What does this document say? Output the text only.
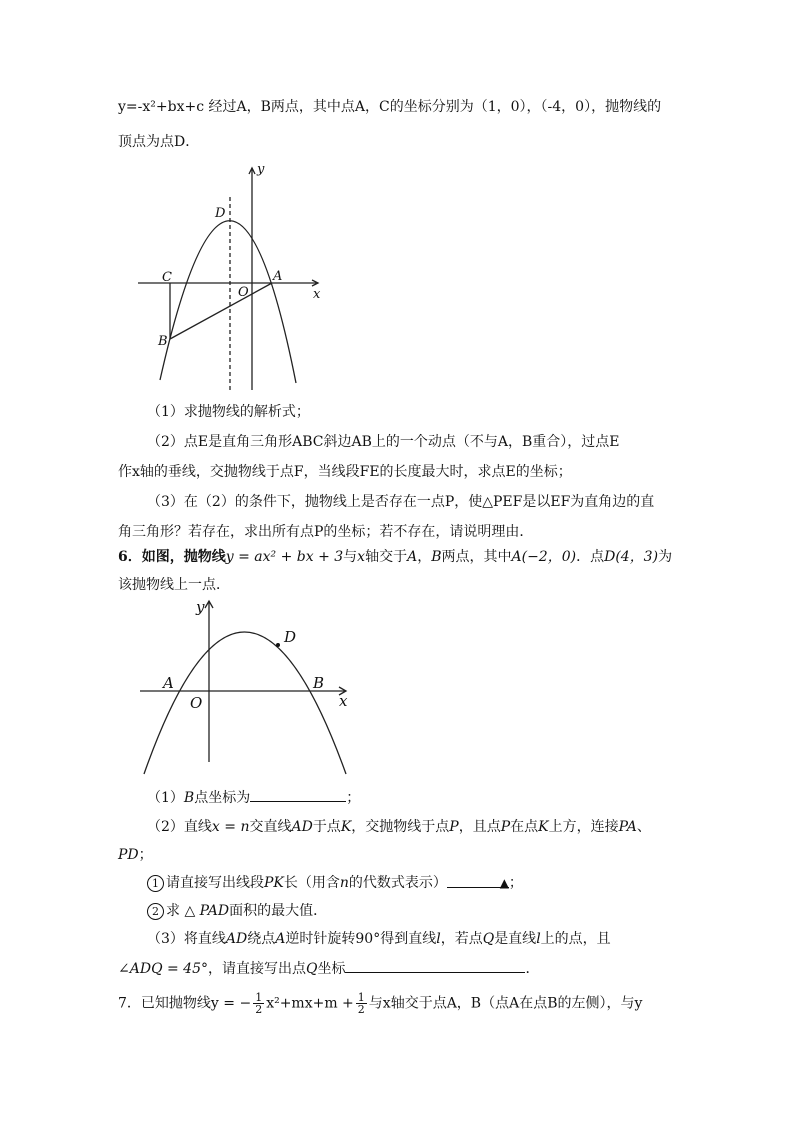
y=-x²+bx+c 经过A，B两点，其中点A，C的坐标分别为（1，0），（-4，0），抛物线的
顶点为点D．
D
C	A
O	x
y
B
（1）求抛物线的解析式；
（2）点E是直角三角形ABC斜边AB上的一个动点（不与A，B重合），过点E
作x轴的垂线，交抛物线于点F，当线段FE的长度最大时，求点E的坐标；
（3）在（2）的条件下，抛物线上是否存在一点P，使△PEF是以EF为直角边的直
角三角形？若存在，求出所有点P的坐标；若不存在，请说明理由．
6．如图，抛物线y = ax² + bx + 3与x轴交于A，B两点，其中A(−2，0)．点D(4，3)为
该抛物线上一点．
y
D
A	B
O	x
（1）B点坐标为	；
（2）直线x = n交直线AD于点K，交抛物线于点P，且点P在点K上方，连接PA、
PD；
1 请直接写出线段PK长（用含n的代数式表示）	▲；
2 求 △ PAD面积的最大值．
（3）将直线AD绕点A逆时针旋转90°得到直线l，若点Q是直线l上的点，且
∠ADQ = 45°，请直接写出点Q坐标	．
7．已知抛物线y = − $\frac{1}{2} x^2+mx+m + \frac{1}{2}$ 与x轴交于点A，B（点A在点B的左侧），与y
